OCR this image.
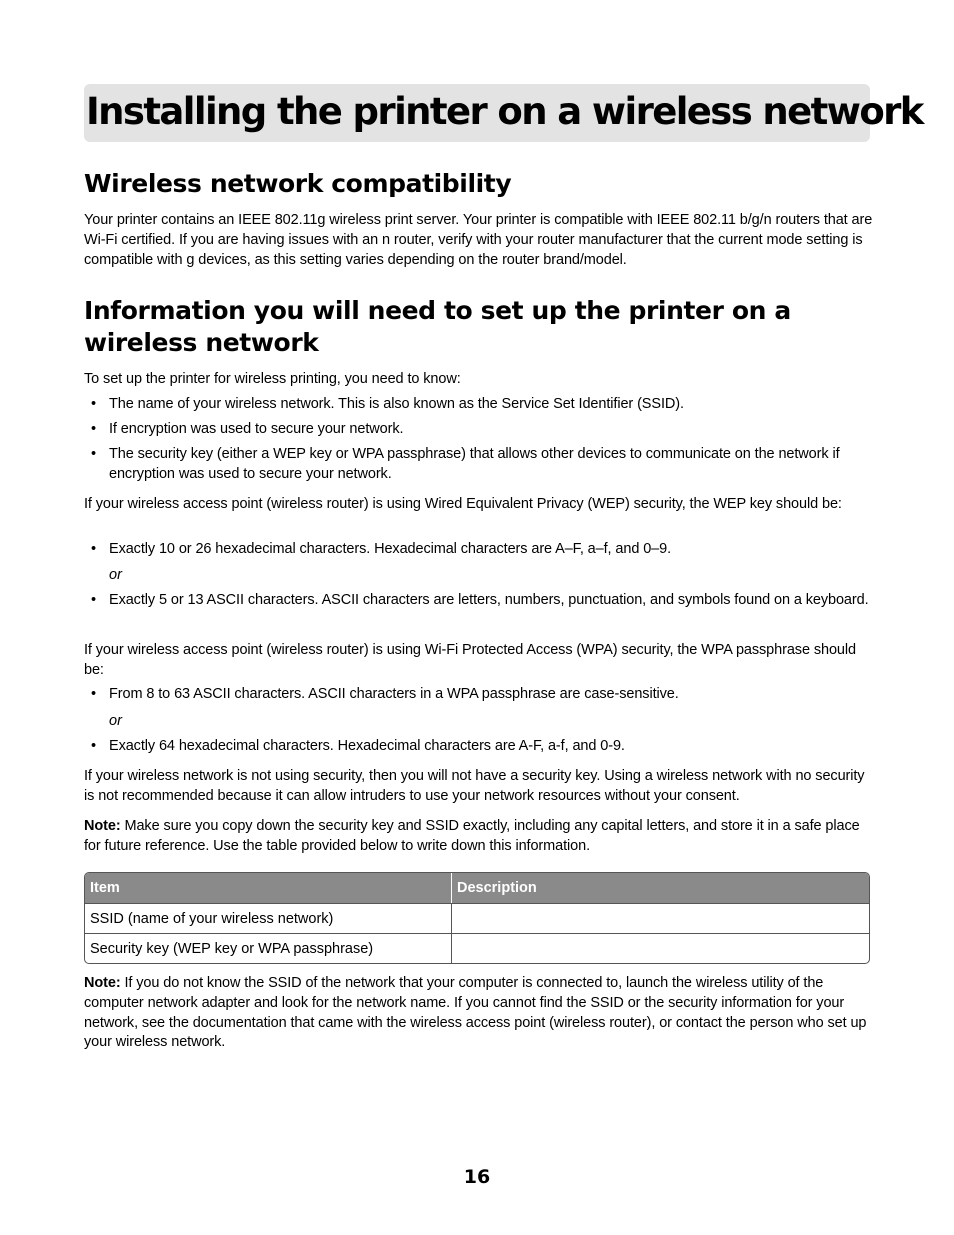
Installing the printer on a wireless network
Wireless network compatibility

Your printer contains an IEEE 802.11g wireless print server. Your printer is compatible with IEEE 802.11 b/g/n routers that are Wi-Fi certified. If you are having issues with an n router, verify with your router manufacturer that the current mode setting is compatible with g devices, as this setting varies depending on the router brand/model.

Information you will need to set up the printer on a
wireless network

To set up the printer for wireless printing, you need to know:

• The name of your wireless network. This is also known as the Service Set Identifier (SSID).
• If encryption was used to secure your network.
• The security key (either a WEP key or WPA passphrase) that allows other devices to communicate on the network if encryption was used to secure your network.

If your wireless access point (wireless router) is using Wired Equivalent Privacy (WEP) security, the WEP key should be:

• Exactly 10 or 26 hexadecimal characters. Hexadecimal characters are A–F, a–f, and 0–9.
or
• Exactly 5 or 13 ASCII characters. ASCII characters are letters, numbers, punctuation, and symbols found on a keyboard.

If your wireless access point (wireless router) is using Wi-Fi Protected Access (WPA) security, the WPA passphrase should be:

• From 8 to 63 ASCII characters. ASCII characters in a WPA passphrase are case-sensitive.
or
• Exactly 64 hexadecimal characters. Hexadecimal characters are A-F, a-f, and 0-9.

If your wireless network is not using security, then you will not have a security key. Using a wireless network with no security is not recommended because it can allow intruders to use your network resources without your consent.

Note: Make sure you copy down the security key and SSID exactly, including any capital letters, and store it in a safe place for future reference. Use the table provided below to write down this information.

Item	Description
SSID (name of your wireless network)	
Security key (WEP key or WPA passphrase)	

Note: If you do not know the SSID of the network that your computer is connected to, launch the wireless utility of the computer network adapter and look for the network name. If you cannot find the SSID or the security information for your network, see the documentation that came with the wireless access point (wireless router), or contact the person who set up your wireless network.

16
